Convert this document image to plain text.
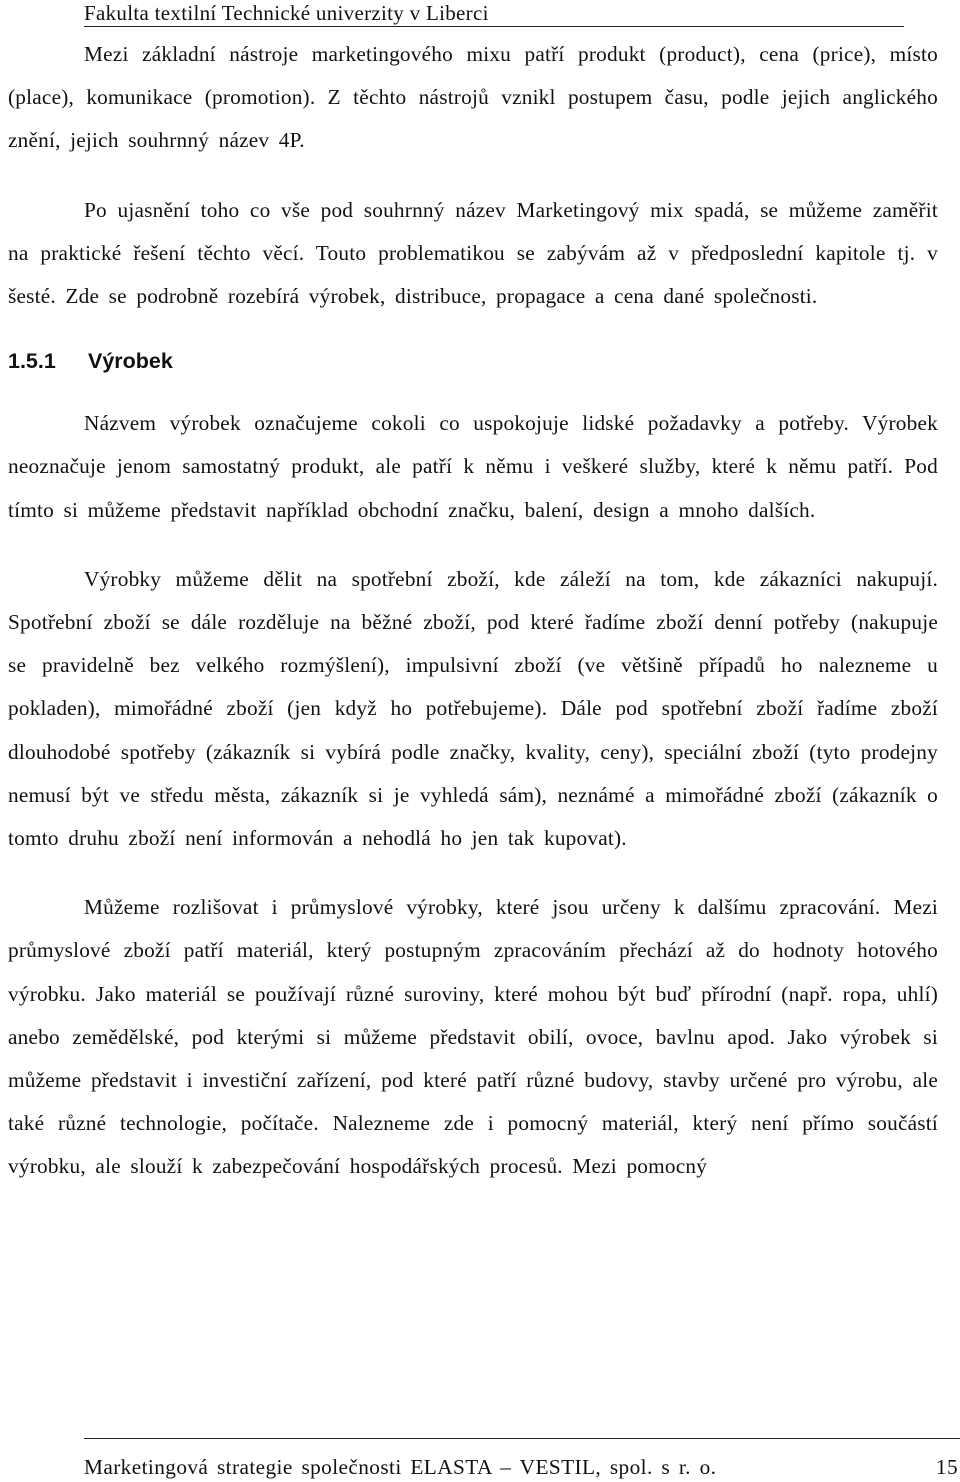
Fakulta textilní Technické univerzity v Liberci

Mezi základní nástroje marketingového mixu patří produkt (product), cena (price), místo (place), komunikace (promotion). Z těchto nástrojů vznikl postupem času, podle jejich anglického znění, jejich souhrnný název 4P.

Po ujasnění toho co vše pod souhrnný název Marketingový mix spadá, se můžeme zaměřit na praktické řešení těchto věcí. Touto problematikou se zabývám až v předposlední kapitole tj. v šesté. Zde se podrobně rozebírá výrobek, distribuce, propagace a cena dané společnosti.

1.5.1 Výrobek

Názvem výrobek označujeme cokoli co uspokojuje lidské požadavky a potřeby. Výrobek neoznačuje jenom samostatný produkt, ale patří k němu i veškeré služby, které k němu patří. Pod tímto si můžeme představit například obchodní značku, balení, design a mnoho dalších.

Výrobky můžeme dělit na spotřební zboží, kde záleží na tom, kde zákazníci nakupují. Spotřební zboží se dále rozděluje na běžné zboží, pod které řadíme zboží denní potřeby (nakupuje se pravidelně bez velkého rozmýšlení), impulsivní zboží (ve většině případů ho nalezneme u pokladen), mimořádné zboží (jen když ho potřebujeme). Dále pod spotřební zboží řadíme zboží dlouhodobé spotřeby (zákazník si vybírá podle značky, kvality, ceny), speciální zboží (tyto prodejny nemusí být ve středu města, zákazník si je vyhledá sám), neznámé a mimořádné zboží (zákazník o tomto druhu zboží není informován a nehodlá ho jen tak kupovat).

Můžeme rozlišovat i průmyslové výrobky, které jsou určeny k dalšímu zpracování. Mezi průmyslové zboží patří materiál, který postupným zpracováním přechází až do hodnoty hotového výrobku. Jako materiál se používají různé suroviny, které mohou být buď přírodní (např. ropa, uhlí) anebo zemědělské, pod kterými si můžeme představit obilí, ovoce, bavlnu apod. Jako výrobek si můžeme představit i investiční zařízení, pod které patří různé budovy, stavby určené pro výrobu, ale také různé technologie, počítače. Nalezneme zde i pomocný materiál, který není přímo součástí výrobku, ale slouží k zabezpečování hospodářských procesů. Mezi pomocný

Marketingová strategie společnosti ELASTA – VESTIL, spol. s r. o.	15
